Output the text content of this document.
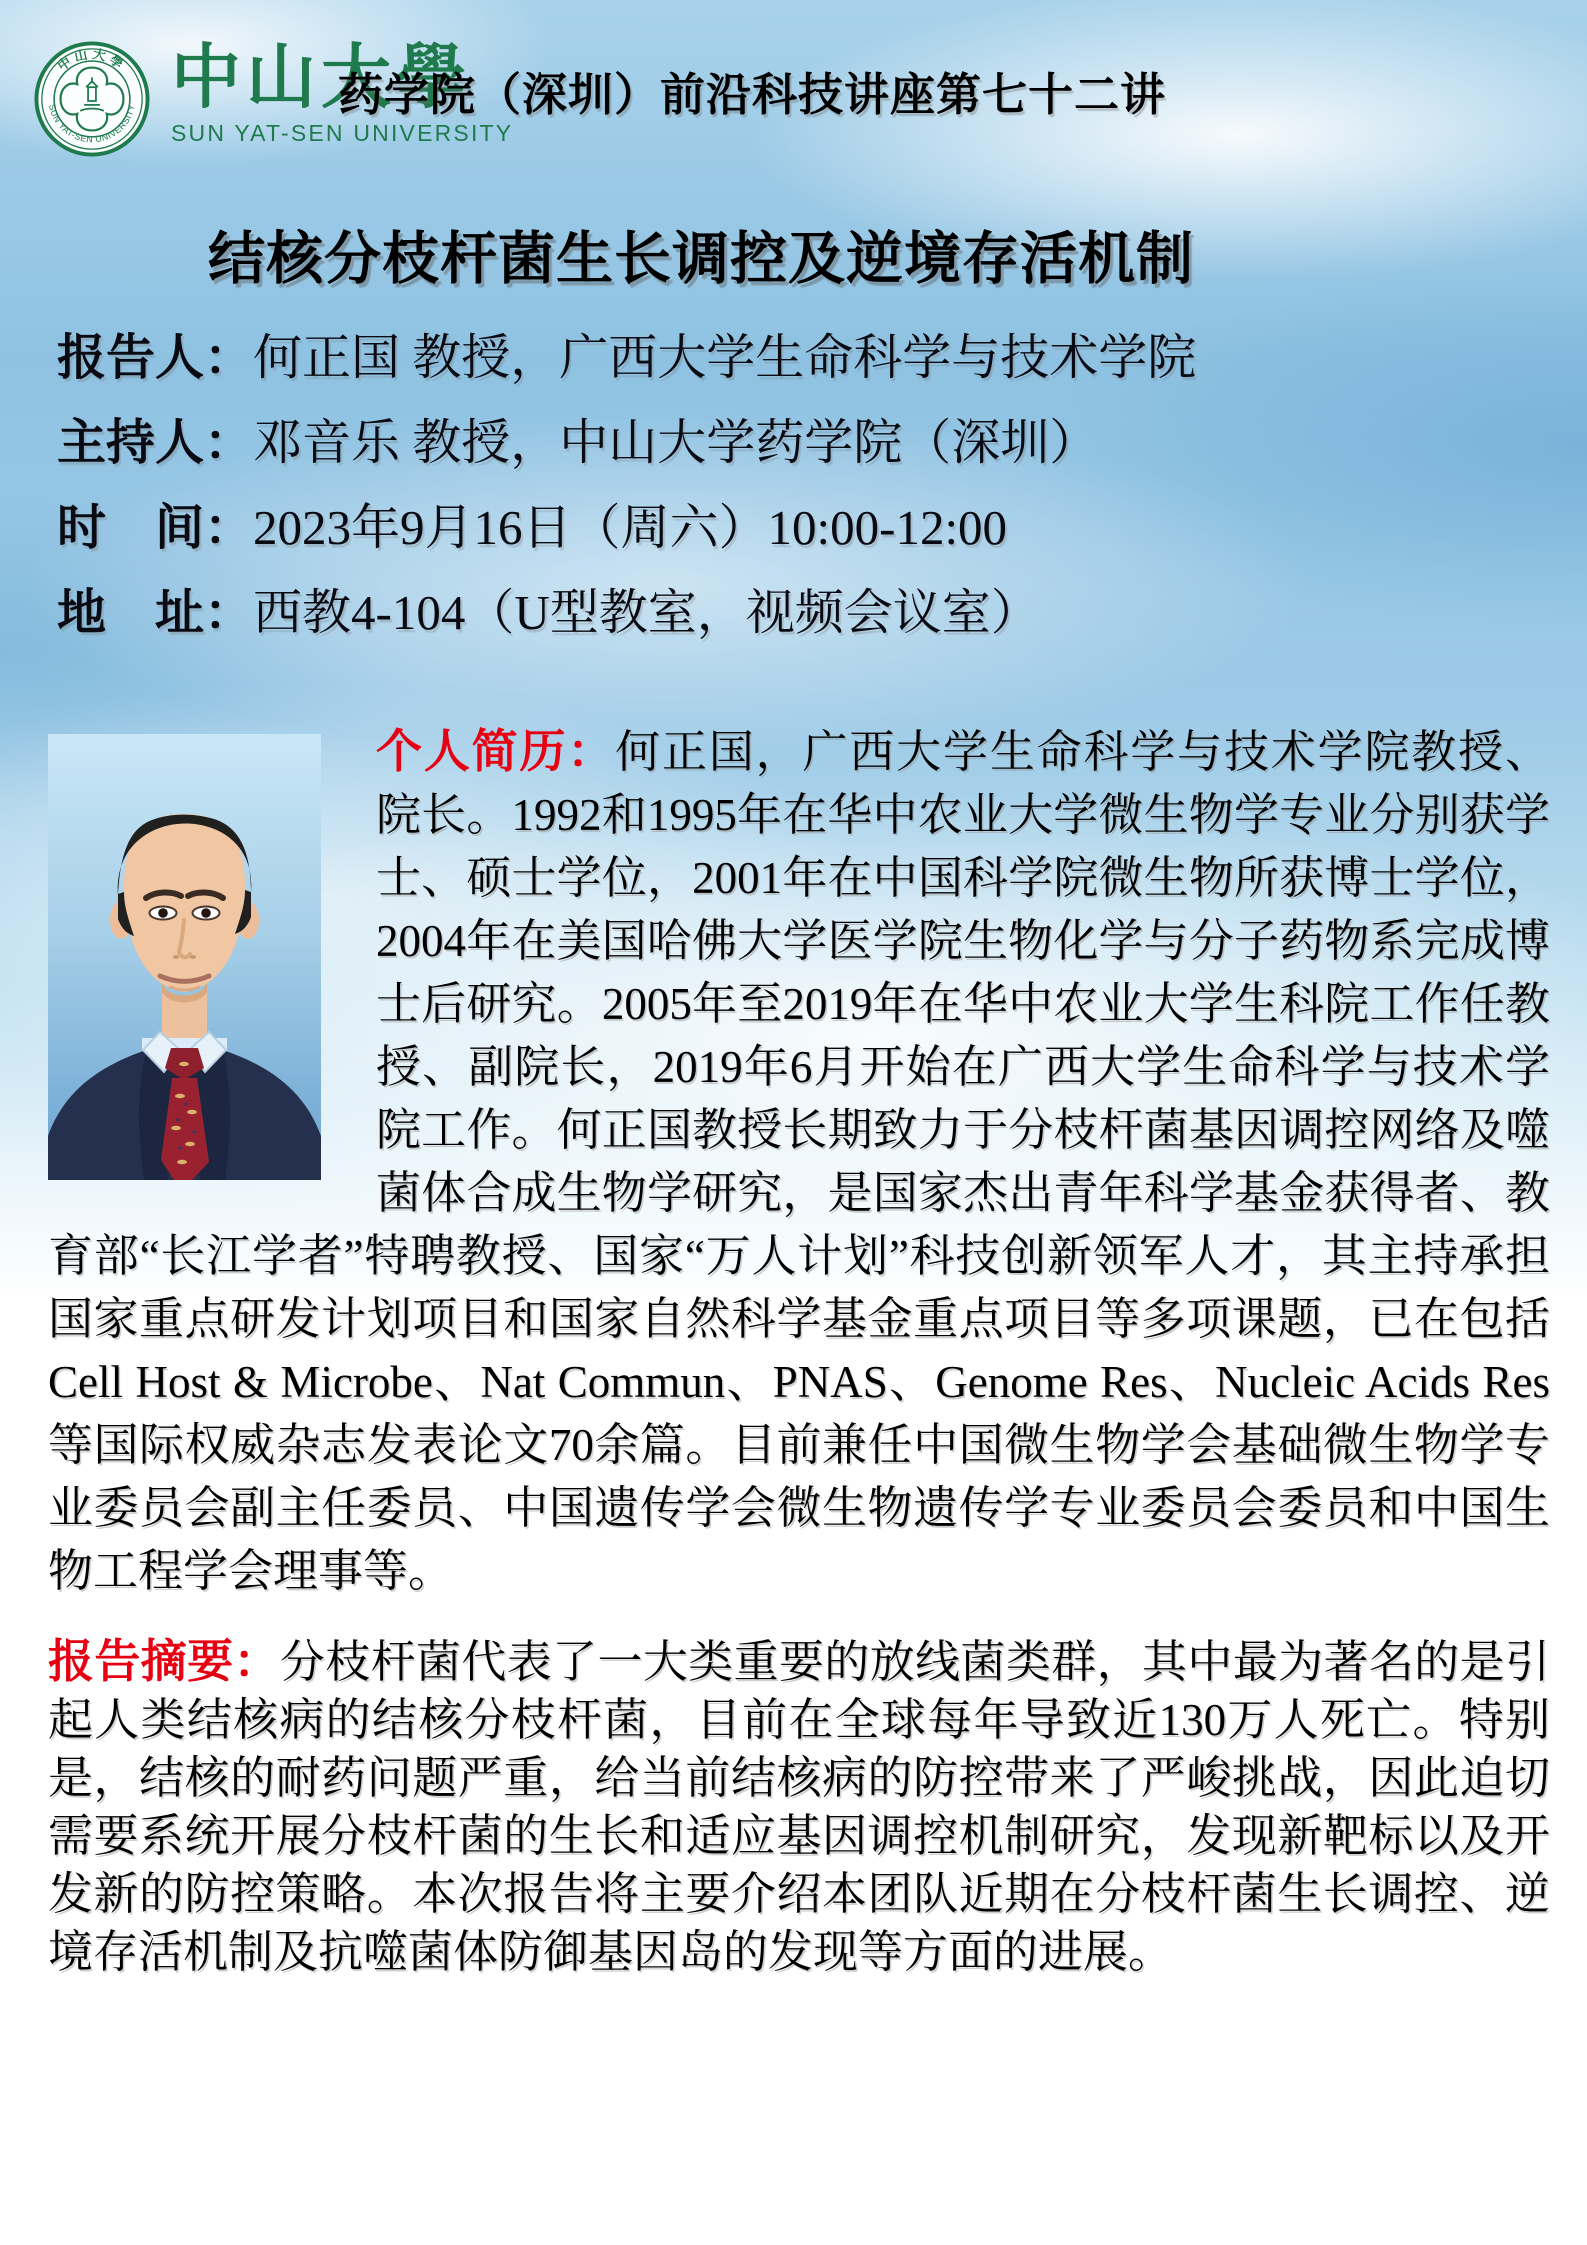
中山大學
SUN YAT-SEN UNIVERSITY 中山大學
SUN YAT-SEN UNIVERSITY
药学院（深圳）前沿科技讲座第七十二讲
结核分枝杆菌生长调控及逆境存活机制
报告人：何正国 教授，广西大学生命科学与技术学院
主持人：邓音乐 教授，中山大学药学院（深圳）
时　间：2023年9月16日（周六）10:00-12:00
地　址：西教4-104（U型教室，视频会议室）

个人简历：何正国，广西大学生命科学与技术学院教授、院长。1992和1995年在华中农业大学微生物学专业分别获学士、硕士学位，2001年在中国科学院微生物所获博士学位，2004年在美国哈佛大学医学院生物化学与分子药物系完成博士后研究。2005年至2019年在华中农业大学生科院工作任教授、副院长，2019年6月开始在广西大学生命科学与技术学院工作。何正国教授长期致力于分枝杆菌基因调控网络及噬菌体合成生物学研究，是国家杰出青年科学基金获得者、教育部“长江学者”特聘教授、国家“万人计划”科技创新领军人才，其主持承担国家重点研发计划项目和国家自然科学基金重点项目等多项课题，已在包括Cell Host & Microbe、Nat Commun、PNAS、Genome Res、Nucleic Acids Res等国际权威杂志发表论文70余篇。目前兼任中国微生物学会基础微生物学专业委员会副主任委员、中国遗传学会微生物遗传学专业委员会委员和中国生物工程学会理事等。

报告摘要：分枝杆菌代表了一大类重要的放线菌类群，其中最为著名的是引起人类结核病的结核分枝杆菌，目前在全球每年导致近130万人死亡。特别是，结核的耐药问题严重，给当前结核病的防控带来了严峻挑战，因此迫切需要系统开展分枝杆菌的生长和适应基因调控机制研究，发现新靶标以及开发新的防控策略。本次报告将主要介绍本团队近期在分枝杆菌生长调控、逆境存活机制及抗噬菌体防御基因岛的发现等方面的进展。
